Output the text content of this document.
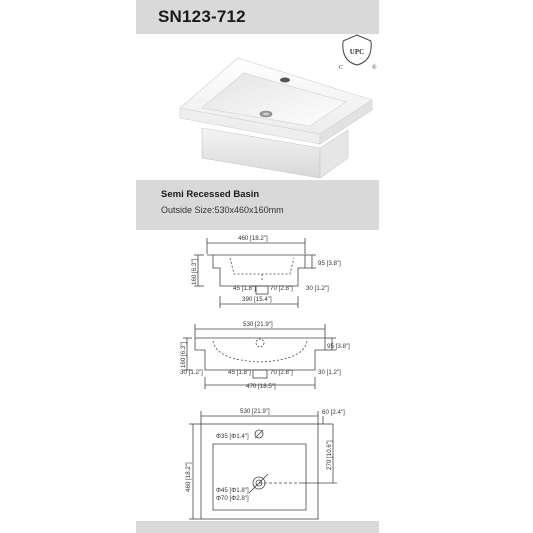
SN123-712
UPC
C	®
Semi Recessed Basin
Outside Size:530x460x160mm
460 [18.2"]
160 [6.3"]	95 [3.8"]
45 [1.8"] 70 [2.8"] 30 [1.2"]
390 [15.4"]
530 [21.9"]
160 [6.3"]	95 [3.8"]
30 [1.2"]	45 [1.8"]	70 [2.8"]	30 [1.2"]
470 [18.5"]
530 [21.9"]	60 [2.4"]
460 [18.2"]
270 [10.6"]
Φ35 [Φ1.4"]
Φ45 [Φ1.8"]
Φ70 [Φ2.8"]
